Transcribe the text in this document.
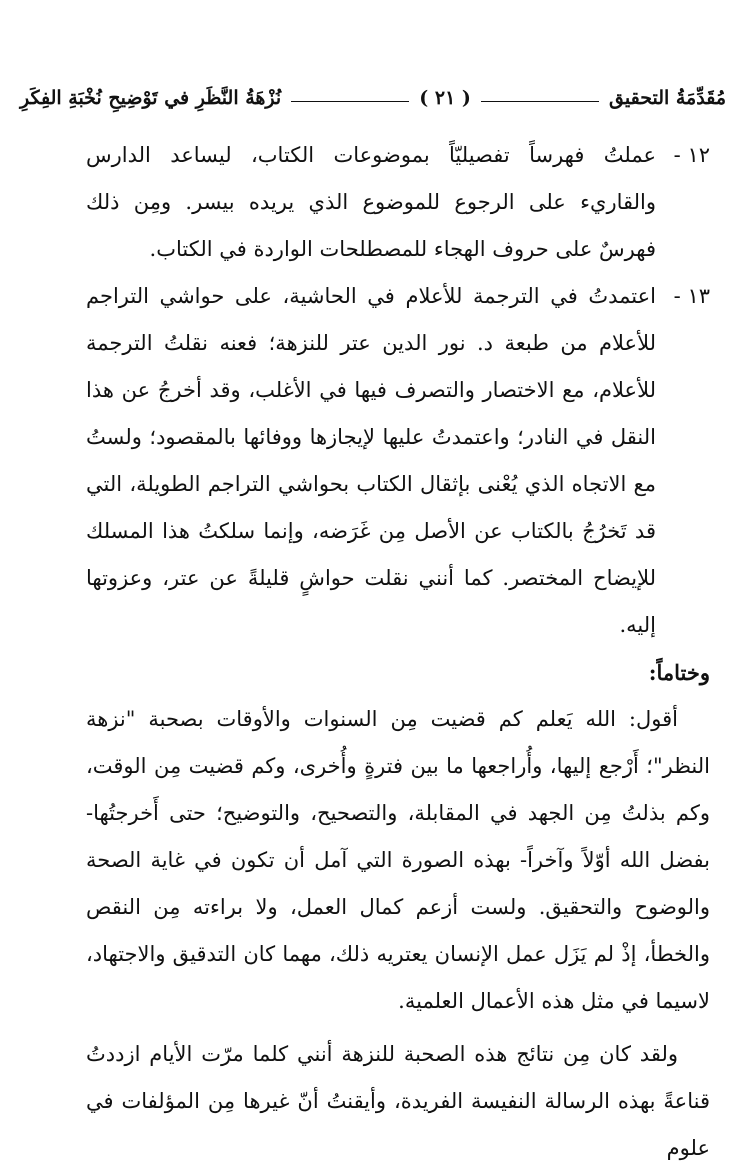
مُقَدِّمَةُ التحقيق
( ٢١ )
نُزْهَةُ النَّظَرِ في تَوْضِيحِ نُخْبَةِ الفِكَرِ
١٢ -
عملتُ فهرساً تفصيليّاً بموضوعات الكتاب، ليساعد الدارس والقاريء على الرجوع للموضوع الذي يريده بيسر. ومِن ذلك فهرسٌ على حروف الهجاء للمصطلحات الواردة في الكتاب.
١٣ -
اعتمدتُ في الترجمة للأعلام في الحاشية، على حواشي التراجم للأعلام من طبعة د. نور الدين عتر للنزهة؛ فعنه نقلتُ الترجمة للأعلام، مع الاختصار والتصرف فيها في الأغلب، وقد أخرجُ عن هذا النقل في النادر؛ واعتمدتُ عليها لإيجازها ووفائها بالمقصود؛ ولستُ مع الاتجاه الذي يُعْنى بإثقال الكتاب بحواشي التراجم الطويلة، التي قد تَخرُجُ بالكتاب عن الأصل مِن غَرَضه، وإنما سلكتُ هذا المسلك للإيضاح المختصر. كما أنني نقلت حواشٍ قليلةً عن عتر، وعزوتها إليه.
وختاماً:
أقول: الله يَعلم كم قضيت مِن السنوات والأوقات بصحبة "نزهة النظر"؛ أَرْجع إليها، وأُراجعها ما بين فترةٍ وأُخرى، وكم قضيت مِن الوقت، وكم بذلتُ مِن الجهد في المقابلة، والتصحيح، والتوضيح؛ حتى أَخرجتُها- بفضل الله أوّلاً وآخراً- بهذه الصورة التي آمل أن تكون في غاية الصحة والوضوح والتحقيق. ولست أزعم كمال العمل، ولا براءته مِن النقص والخطأ، إذْ لم يَزَل عمل الإنسان يعتريه ذلك، مهما كان التدقيق والاجتهاد، لاسيما في مثل هذه الأعمال العلمية.
ولقد كان مِن نتائج هذه الصحبة للنزهة أنني كلما مرّت الأيام ازددتُ قناعةً بهذه الرسالة النفيسة الفريدة، وأيقنتُ أنّ غيرها مِن المؤلفات في علوم
